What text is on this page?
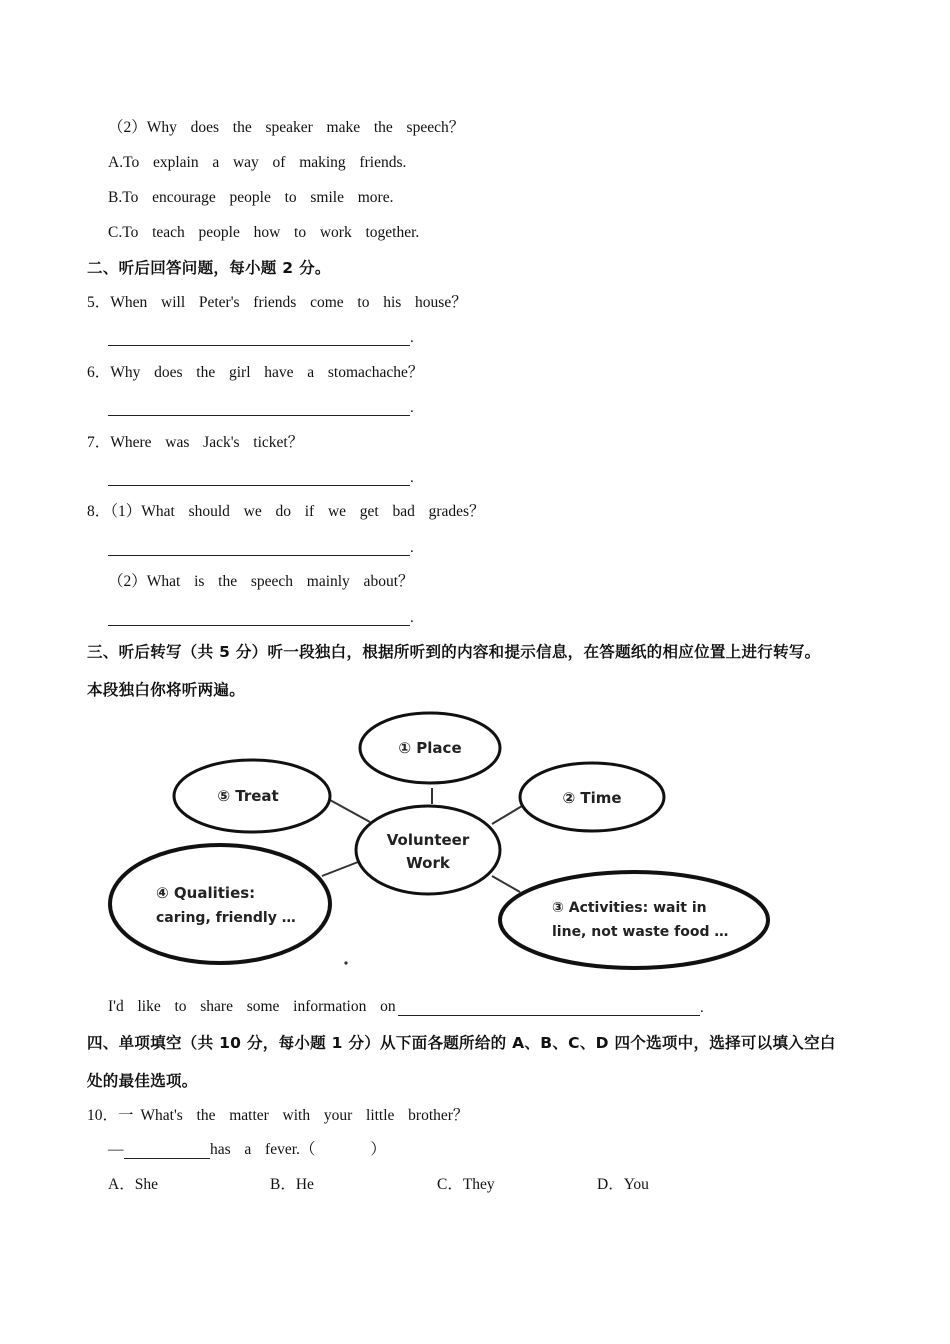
（2）Why  does  the  speaker  make  the  speech？
A.To  explain  a  way  of  making  friends.
B.To  encourage  people  to  smile  more.
C.To  teach  people  how  to  work  together.
二、听后回答问题，每小题 2 分。
5．When  will  Peter's  friends  come  to  his  house？
.
6．Why  does  the  girl  have  a  stomachache？
.
7．Where  was  Jack's  ticket？
.
8．（1）What  should  we  do  if  we  get  bad  grades？
.
（2）What  is  the  speech  mainly  about？
.
三、听后转写（共 5 分）听一段独白，根据所听到的内容和提示信息，在答题纸的相应位置上进行转写。
本段独白你将听两遍。
Volunteer
Work
① Place
⑤ Treat	② Time
④ Qualities:
caring, friendly …
③ Activities: wait in
line, not waste food …
I'd  like  to  share  some  information  on	.
四、单项填空（共 10 分，每小题 1 分）从下面各题所给的 A、B、C、D 四个选项中，选择可以填入空白
处的最佳选项。
10．一 What's  the  matter  with  your  little  brother？
—	has  a  fever.（        ）
A．She	B．He	C．They	D．You
